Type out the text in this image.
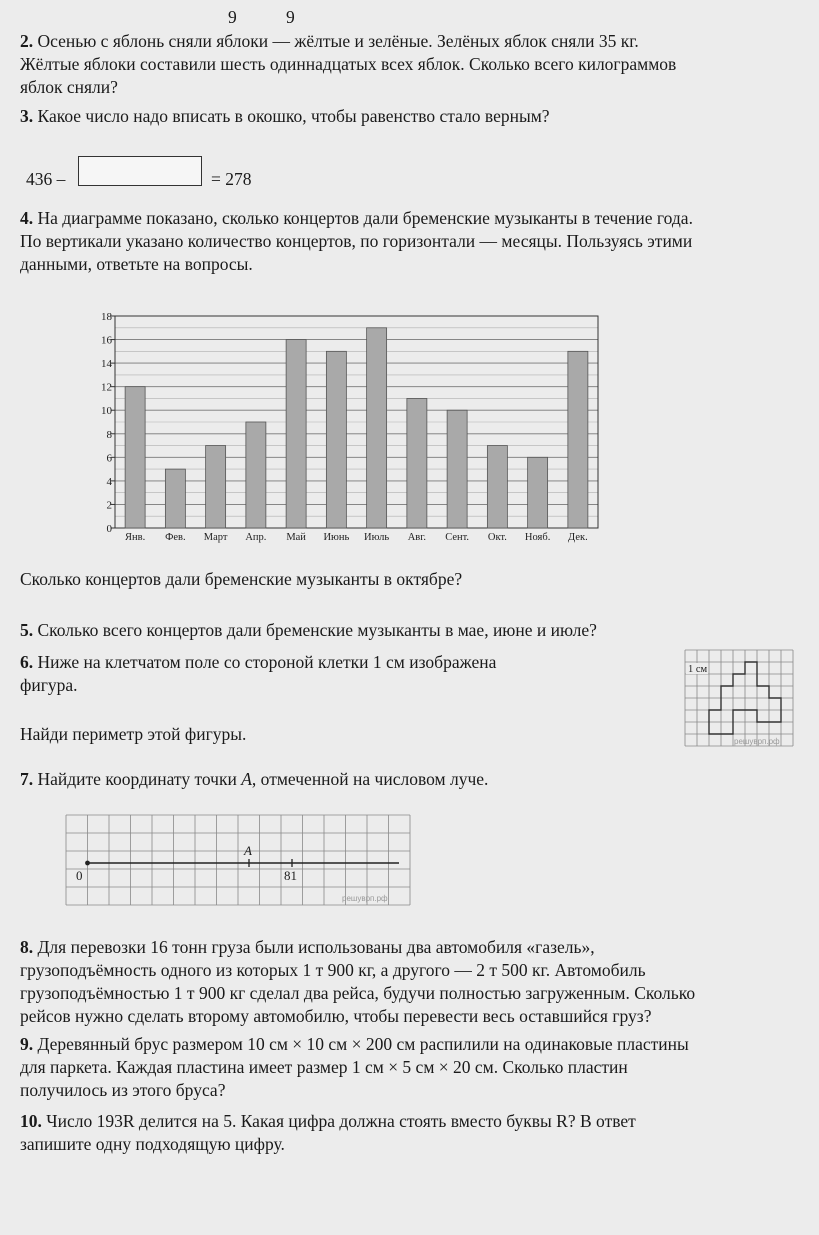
9	9
2. Осенью с яблонь сняли яблоки — жёлтые и зелёные. Зелёных яблок сняли 35 кг.
Жёлтые яблоки составили шесть одиннадцатых всех яблок. Сколько всего килограммов
яблок сняли?
3. Какое число надо вписать в окошко, чтобы равенство стало верным?
436 –	= 278
4. На диаграмме показано, сколько концертов дали бременские музыканты в течение года.
По вертикали указано количество концертов, по горизонтали — месяцы. Пользуясь этими
данными, ответьте на вопросы.
0
2
4
6
8
10
12
14
16
18
Янв. Фев. Март Апр. Май Июнь Июль Авг. Сент. Окт. Нояб. Дек.
Сколько концертов дали бременские музыканты в октябре?
5. Сколько всего концертов дали бременские музыканты в мае, июне и июле?
6. Ниже на клетчатом поле со стороной клетки 1 см изображена
фигура.
Найди периметр этой фигуры.
1 см
решуврп.рф
7. Найдите координату точки A, отмеченной на числовом луче.
A
0	81
решуврп.рф
8. Для перевозки 16 тонн груза были использованы два автомобиля «газель»,
грузоподъёмность одного из которых 1 т 900 кг, а другого — 2 т 500 кг. Автомобиль
грузоподъёмностью 1 т 900 кг сделал два рейса, будучи полностью загруженным. Сколько
рейсов нужно сделать второму автомобилю, чтобы перевести весь оставшийся груз?
9. Деревянный брус размером 10 см × 10 см × 200 см распилили на одинаковые пластины
для паркета. Каждая пластина имеет размер 1 см × 5 см × 20 см. Сколько пластин
получилось из этого бруса?
10. Число 193R делится на 5. Какая цифра должна стоять вместо буквы R? В ответ
запишите одну подходящую цифру.
